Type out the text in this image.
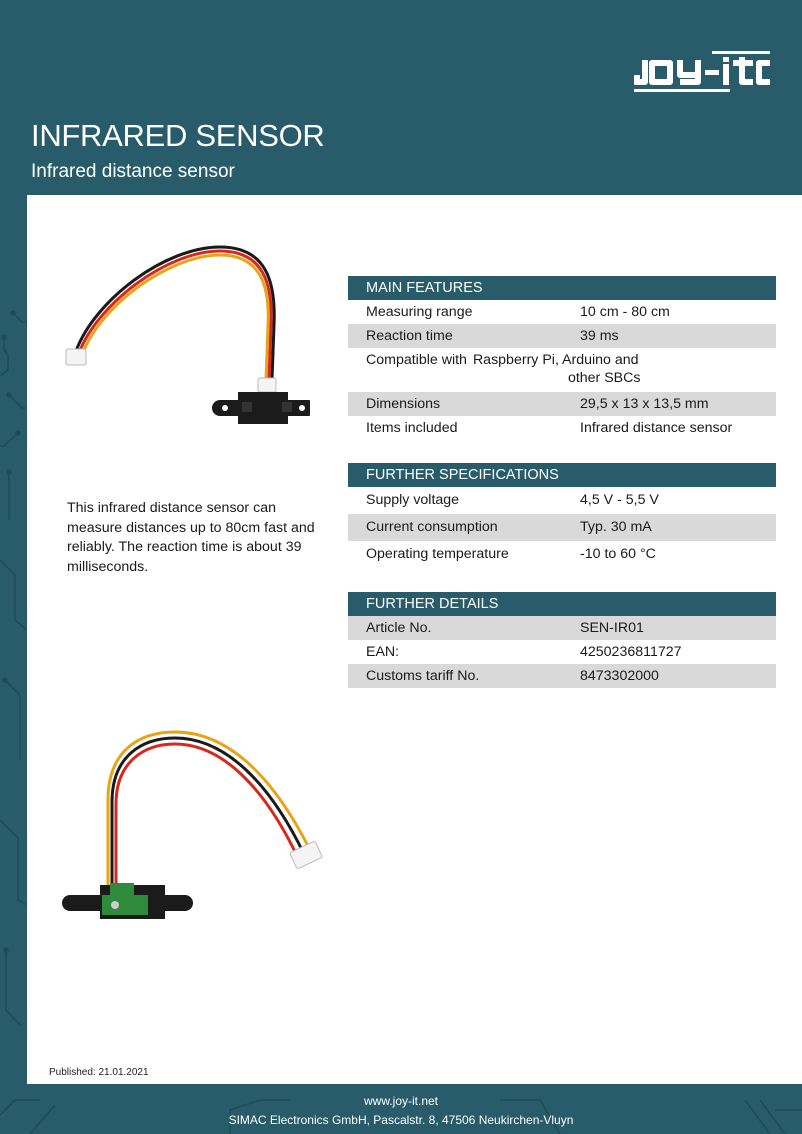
INFRARED SENSOR
Infrared distance sensor

This infrared distance sensor can measure distances up to 80cm fast and reliably. The reaction time is about 39 milliseconds.

MAIN FEATURES
Measuring range	10 cm - 80 cm
Reaction time	39 ms
Compatible with Raspberry Pi, Arduino and
other SBCs
Dimensions	29,5 x 13 x 13,5 mm
Items included	Infrared distance sensor
FURTHER SPECIFICATIONS
Supply voltage	4,5 V - 5,5 V
Current consumption	Typ. 30 mA
Operating temperature	-10 to 60 °C
FURTHER DETAILS
Article No.	SEN-IR01
EAN:	4250236811727
Customs tariff No.	8473302000
Published: 21.01.2021
www.joy-it.net
SIMAC Electronics GmbH, Pascalstr. 8, 47506 Neukirchen-Vluyn
